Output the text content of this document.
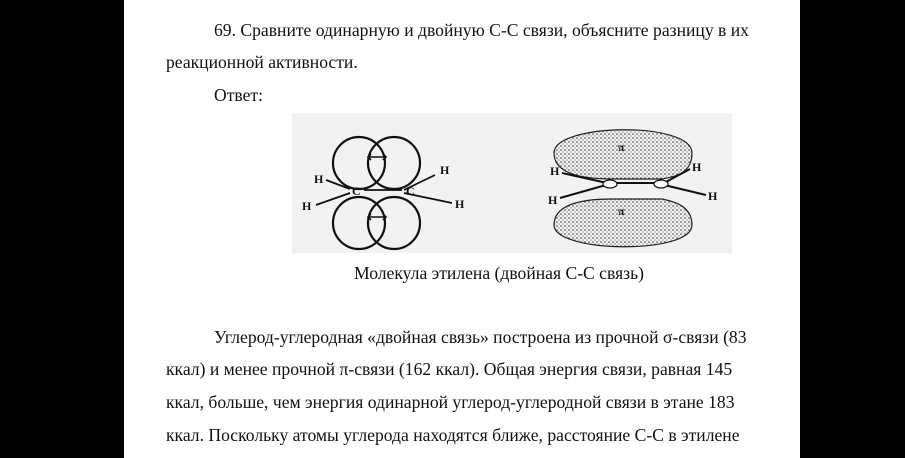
69. Сравните одинарную и двойную С-С связи, объясните разницу в их
реакционной активности.
Ответ:
H
H
H
H
C	C
π
π
H
H
H
H
Молекула этилена (двойная С-С связь)
Углерод-углеродная «двойная связь» построена из прочной σ-связи (83
ккал) и менее прочной π-связи (162 ккал). Общая энергия связи, равная 145
ккал, больше, чем энергия одинарной углерод-углеродной связи в этане 183
ккал. Поскольку атомы углерода находятся ближе, расстояние С-С в этилене
